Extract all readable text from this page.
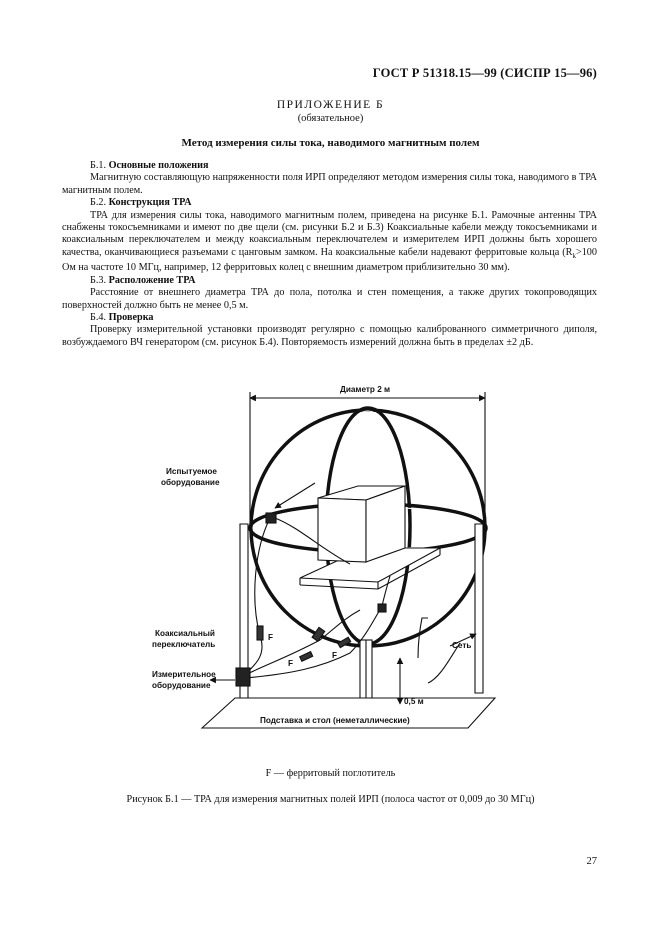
ГОСТ Р 51318.15—99 (СИСПР 15—96)
ПРИЛОЖЕНИЕ Б
(обязательное)
Метод измерения силы тока, наводимого магнитным полем

Б.1. Основные положения

Магнитную составляющую напряженности поля ИРП определяют методом измерения силы тока, наводимого в ТРА магнитным полем.

Б.2. Конструкция ТРА

ТРА для измерения силы тока, наводимого магнитным полем, приведена на рисунке Б.1. Рамочные антенны ТРА снабжены токосъемниками и имеют по две щели (см. рисунки Б.2 и Б.3) Коаксиальные кабели между токосъемниками и коаксиальным переключателем и между коаксиальным переключателем и измерителем ИРП должны быть хорошего качества, оканчивающиеся разъемами с цанговым замком. На коаксиальные кабели надевают ферритовые кольца ($R_k>100$ Ом на частоте 10 МГц, например, 12 ферритовых колец с внешним диаметром приблизительно 30 мм).

Б.3. Расположение ТРА

Расстояние от внешнего диаметра ТРА до пола, потолка и стен помещения, а также других токопроводящих поверхностей должно быть не менее 0,5 м.

Б.4. Проверка

Проверку измерительной установки производят регулярно с помощью калиброванного симметричного диполя, возбуждаемого ВЧ генератором (см. рисунок Б.4). Повторяемость измерений должна быть в пределах ±2 дБ.

Диаметр 2 м
Испытуемое
оборудование
Коаксиальный
переключатель
Измерительное
оборудование
Сеть
0,5 м
Подставка и стол (неметаллические)
F
F
F
F — ферритовый поглотитель
Рисунок Б.1 — ТРА для измерения магнитных полей ИРП (полоса частот от 0,009 до 30 МГц)
27
